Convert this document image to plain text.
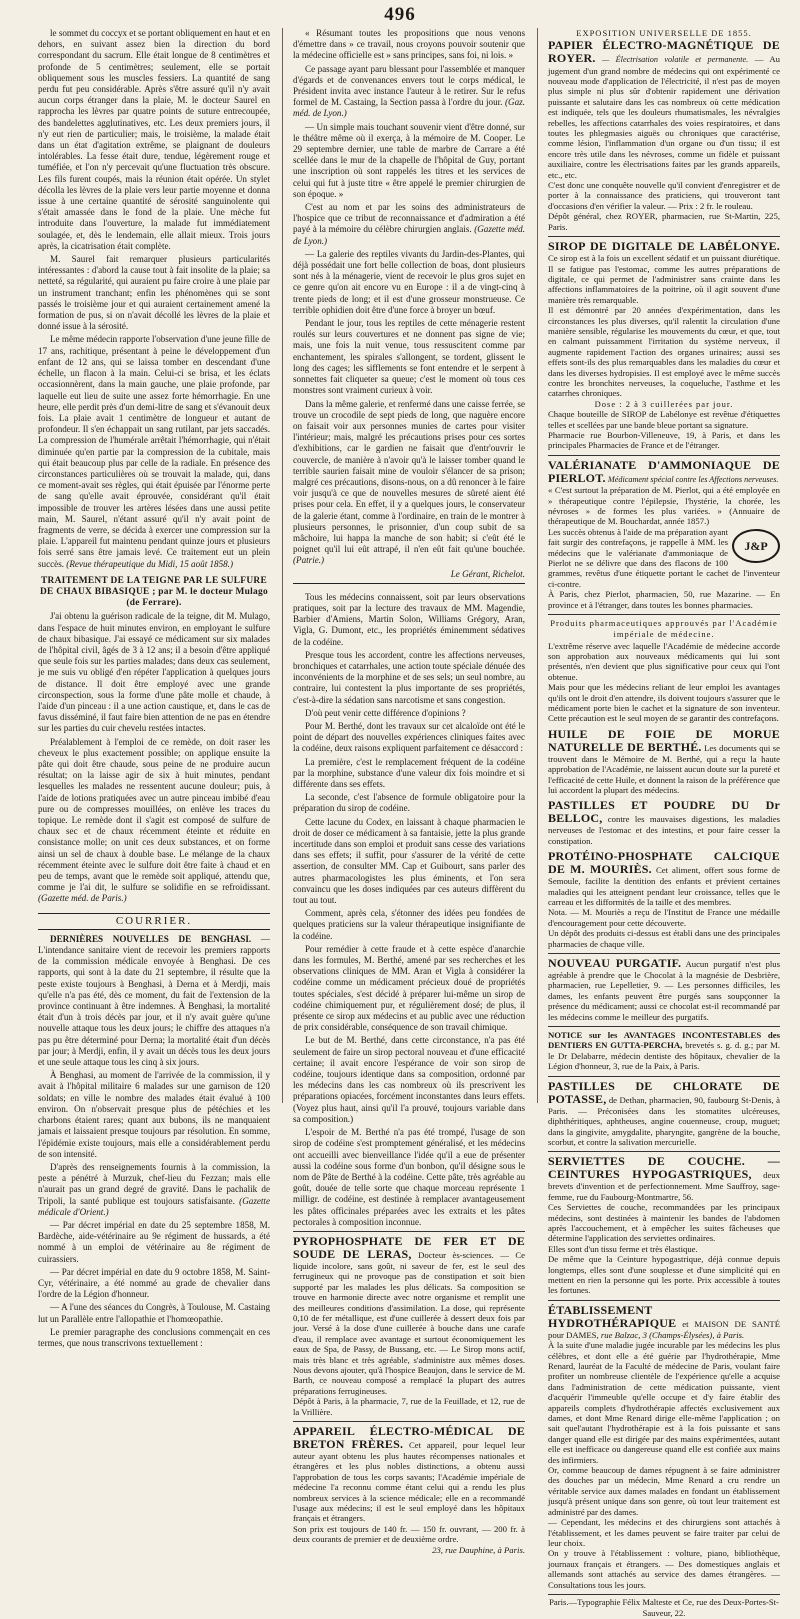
496

le sommet du coccyx et se portant obliquement en haut et en dehors, en suivant assez bien la direction du bord correspondant du sacrum. Elle était longue de 8 centimètres et profonde de 5 centimètres; seulement, elle se portait obliquement sous les muscles fessiers. La quantité de sang perdu fut peu considérable. Après s'être assuré qu'il n'y avait aucun corps étranger dans la plaie, M. le docteur Saurel en rapprocha les lèvres par quatre points de suture entrecoupée, des bandelettes agglutinatives, etc. Les deux premiers jours, il n'y eut rien de particulier; mais, le troisième, la malade était dans un état d'agitation extrême, se plaignant de douleurs intolérables. La fesse était dure, tendue, légèrement rouge et tuméfiée, et l'on n'y percevait qu'une fluctuation très obscure. Les fils furent coupés, mais la réunion était opérée. Un stylet décolla les lèvres de la plaie vers leur partie moyenne et donna issue à une certaine quantité de sérosité sanguinolente qui s'était amassée dans le fond de la plaie. Une mèche fut introduite dans l'ouverture, la malade fut immédiatement soulagée, et, dès le lendemain, elle allait mieux. Trois jours après, la cicatrisation était complète.

M. Saurel fait remarquer plusieurs particularités intéressantes : d'abord la cause tout à fait insolite de la plaie; sa netteté, sa régularité, qui auraient pu faire croire à une plaie par un instrument tranchant; enfin les phénomènes qui se sont passés le troisième jour et qui auraient certainement amené la formation de pus, si on n'avait décollé les lèvres de la plaie et donné issue à la sérosité.

Le même médecin rapporte l'observation d'une jeune fille de 17 ans, rachitique, présentant à peine le développement d'un enfant de 12 ans, qui se laissa tomber en descendant d'une échelle, un flacon à la main. Celui-ci se brisa, et les éclats occasionnèrent, dans la main gauche, une plaie profonde, par laquelle eut lieu de suite une assez forte hémorrhagie. En une heure, elle perdit près d'un demi-litre de sang et s'évanouit deux fois. La plaie avait 1 centimètre de longueur et autant de profondeur. Il s'en échappait un sang rutilant, par jets saccadés. La compression de l'humérale arrêtait l'hémorrhagie, qui n'était diminuée qu'en partie par la compression de la cubitale, mais qui était beaucoup plus par celle de la radiale. En présence des circonstances particulières où se trouvait la malade, qui, dans ce moment-avait ses règles, qui était épuisée par l'énorme perte de sang qu'elle avait éprouvée, considérant qu'il était impossible de trouver les artères lésées dans une aussi petite main, M. Saurel, n'étant assuré qu'il n'y avait point de fragments de verre, se décida à exercer une compression sur la plaie. L'appareil fut maintenu pendant quinze jours et plusieurs fois serré sans être jamais levé. Ce traitement eut un plein succès. (Revue thérapeutique du Midi, 15 août 1858.)

TRAITEMENT DE LA TEIGNE PAR LE SULFURE DE CHAUX BIBASIQUE ; par M. le docteur Mulago (de Ferrare).

J'ai obtenu la guérison radicale de la teigne, dit M. Mulago, dans l'espace de huit minutes environ, en employant le sulfure de chaux bibasique. J'ai essayé ce médicament sur six malades de l'hôpital civil, âgés de 3 à 12 ans; il a besoin d'être appliqué que seule fois sur les parties malades; dans deux cas seulement, je me suis vu obligé d'en répéter l'application à quelques jours de distance. Il doit être employé avec une grande circonspection, sous la forme d'une pâte molle et chaude, à l'aide d'un pinceau : il a une action caustique, et, dans le cas de favus disséminé, il faut faire bien attention de ne pas en étendre sur les parties du cuir chevelu restées intactes.

Préalablement à l'emploi de ce remède, on doit raser les cheveux le plus exactement possible; on applique ensuite la pâte qui doit être chaude, sous peine de ne produire aucun résultat; on la laisse agir de six à huit minutes, pendant lesquelles les malades ne ressentent aucune douleur; puis, à l'aide de lotions pratiquées avec un autre pinceau imbibé d'eau pure ou de compresses mouillées, on enlève les traces du topique. Le remède dont il s'agit est composé de sulfure de chaux sec et de chaux récemment éteinte et réduite en consistance molle; on unit ces deux substances, et on forme ainsi un sel de chaux à double base. Le mélange de la chaux récemment éteinte avec le sulfure doit être faite à chaud et en peu de temps, avant que le remède soit appliqué, attendu que, comme je l'ai dit, le sulfure se solidifie en se refroidissant. (Gazette méd. de Paris.)

COURRIER.

DERNIÈRES NOUVELLES DE BENGHASI. — L'intendance sanitaire vient de recevoir les premiers rapports de la commission médicale envoyée à Benghasi. De ces rapports, qui sont à la date du 21 septembre, il résulte que la peste existe toujours à Benghasi, à Derna et à Merdji, mais qu'elle n'a pas été, dès ce moment, du fait de l'extension de la province continuant à être indemnes. À Benghasi, la mortalité était d'un à trois décès par jour, et il n'y avait guère qu'une nouvelle attaque tous les deux jours; le chiffre des attaques n'a pas pu être déterminé pour Derna; la mortalité était d'un décès par jour; à Merdji, enfin, il y avait un décès tous les deux jours et une seule attaque tous les cinq à six jours.

À Benghasi, au moment de l'arrivée de la commission, il y avait à l'hôpital militaire 6 malades sur une garnison de 120 soldats; en ville le nombre des malades était évalué à 100 environ. On n'observait presque plus de pétéchies et les charbons étaient rares; quant aux bubons, ils ne manquaient jamais et laissaient presque toujours par résolution. En somme, l'épidémie existe toujours, mais elle a considérablement perdu de son intensité.

D'après des renseignements fournis à la commission, la peste a pénétré à Murzuk, chef-lieu du Fezzan; mais elle n'aurait pas un grand degré de gravité. Dans le pachalik de Tripoli, la santé publique est toujours satisfaisante. (Gazette médicale d'Orient.)

— Par décret impérial en date du 25 septembre 1858, M. Bardèche, aide-vétérinaire au 9e régiment de hussards, a été nommé à un emploi de vétérinaire au 8e régiment de cuirassiers.

— Par décret impérial en date du 9 octobre 1858, M. Saint-Cyr, vétérinaire, a été nommé au grade de chevalier dans l'ordre de la Légion d'honneur.

— A l'une des séances du Congrès, à Toulouse, M. Castaing lut un Parallèle entre l'allopathie et l'homœopathie.

Le premier paragraphe des conclusions commençait en ces termes, que nous transcrivons textuellement :

« Résumant toutes les propositions que nous venons d'émettre dans » ce travail, nous croyons pouvoir soutenir que la médecine officielle est » sans principes, sans foi, ni lois. »

Ce passage ayant paru blessant pour l'assemblée et manquer d'égards et de convenances envers tout le corps médical, le Président invita avec instance l'auteur à le retirer. Sur le refus formel de M. Castaing, la Section passa à l'ordre du jour. (Gaz. méd. de Lyon.)

— Un simple mais touchant souvenir vient d'être donné, sur le théâtre même où il exerça, à la mémoire de M. Cooper. Le 29 septembre dernier, une table de marbre de Carrare a été scellée dans le mur de la chapelle de l'hôpital de Guy, portant une inscription où sont rappelés les titres et les services de celui qui fut à juste titre « être appelé le premier chirurgien de son époque. »

C'est au nom et par les soins des administrateurs de l'hospice que ce tribut de reconnaissance et d'admiration a été payé à la mémoire du célèbre chirurgien anglais. (Gazette méd. de Lyon.)

— La galerie des reptiles vivants du Jardin-des-Plantes, qui déjà possédait une fort belle collection de boas, dont plusieurs sont nés à la ménagerie, vient de recevoir le plus gros sujet en ce genre qu'on ait encore vu en Europe : il a de vingt-cinq à trente pieds de long; et il est d'une grosseur monstrueuse. Ce terrible ophidien doit être d'une force à broyer un bœuf.

Pendant le jour, tous les reptiles de cette ménagerie restent roulés sur leurs couvertures et ne donnent pas signe de vie; mais, une fois la nuit venue, tous ressuscitent comme par enchantement, les spirales s'allongent, se tordent, glissent le long des cages; les sifflements se font entendre et le serpent à sonnettes fait cliqueter sa queue; c'est le moment où tous ces monstres sont vraiment curieux à voir.

Dans la même galerie, et renfermé dans une caisse ferrée, se trouve un crocodile de sept pieds de long, que naguère encore on faisait voir aux personnes munies de cartes pour visiter l'intérieur; mais, malgré les précautions prises pour ces sortes d'exhibitions, car le gardien ne faisait que d'entr'ouvrir le couvercle, de manière à n'avoir qu'à le laisser tomber quand le terrible saurien faisait mine de vouloir s'élancer de sa prison; malgré ces précautions, disons-nous, on a dû renoncer à le faire voir jusqu'à ce que de nouvelles mesures de sûreté aient été prises pour cela. En effet, il y a quelques jours, le conservateur de la galerie étant, comme à l'ordinaire, en train de le montrer à plusieurs personnes, le prisonnier, d'un coup subit de sa mâchoire, lui happa la manche de son habit; si c'eût été le poignet qu'il lui eût attrapé, il n'en eût fait qu'une bouchée. (Patrie.)

Le Gérant, Richelot.

Tous les médecins connaissent, soit par leurs observations pratiques, soit par la lecture des travaux de MM. Magendie, Barbier d'Amiens, Martin Solon, Williams Grégory, Aran, Vigla, G. Dumont, etc., les propriétés éminemment sédatives de la codéine.

Presque tous les accordent, contre les affections nerveuses, bronchiques et catarrhales, une action toute spéciale dénuée des inconvénients de la morphine et de ses sels; un seul nombre, au contraire, lui contestent la plus importante de ses propriétés, c'est-à-dire la sédation sans narcotisme et sans congestion.

D'où peut venir cette différence d'opinions ?

Pour M. Berthé, dont les travaux sur cet alcaloïde ont été le point de départ des nouvelles expériences cliniques faites avec la codéine, deux raisons expliquent parfaitement ce désaccord :

La première, c'est le remplacement fréquent de la codéine par la morphine, substance d'une valeur dix fois moindre et si différente dans ses effets.

La seconde, c'est l'absence de formule obligatoire pour la préparation du sirop de codéine.

Cette lacune du Codex, en laissant à chaque pharmacien le droit de doser ce médicament à sa fantaisie, jette la plus grande incertitude dans son emploi et produit sans cesse des variations dans ses effets; il suffit, pour s'assurer de la vérité de cette assertion, de consulter MM. Cap et Guibourt, sans parler des autres pharmacologistes les plus éminents, et l'on sera convaincu que les doses indiquées par ces auteurs diffèrent du tout au tout.

Comment, après cela, s'étonner des idées peu fondées de quelques praticiens sur la valeur thérapeutique insignifiante de la codéine.

Pour remédier à cette fraude et à cette espèce d'anarchie dans les formules, M. Berthé, amené par ses recherches et les observations cliniques de MM. Aran et Vigla à considérer la codéine comme un médicament précieux doué de propriétés toutes spéciales, s'est décidé à préparer lui-même un sirop de codéine chimiquement pur, et régulièrement dosé; de plus, il présente ce sirop aux médecins et au public avec une réduction de prix considérable, conséquence de son travail chimique.

Le but de M. Berthé, dans cette circonstance, n'a pas été seulement de faire un sirop pectoral nouveau et d'une efficacité certaine; il avait encore l'espérance de voir son sirop de codéine, toujours identique dans sa composition, ordonné par les médecins dans les cas nombreux où ils prescrivent les préparations opiacées, forcément inconstantes dans leurs effets. (Voyez plus haut, ainsi qu'il l'a prouvé, toujours variable dans sa composition.)

L'espoir de M. Berthé n'a pas été trompé, l'usage de son sirop de codéine s'est promptement généralisé, et les médecins ont accueilli avec bienveillance l'idée qu'il a eue de présenter aussi la codéine sous forme d'un bonbon, qu'il désigne sous le nom de Pâte de Berthé à la codéine. Cette pâte, très agréable au goût, douée de telle sorte que chaque morceau représente 1 milligr. de codéine, est destinée à remplacer avantageusement les pâtes officinales préparées avec les extraits et les pâtes pectorales à composition inconnue.

PYROPHOSPHATE DE FER ET DE SOUDE DE LERAS, Docteur ès-sciences. — Ce liquide incolore, sans goût, ni saveur de fer, est le seul des ferrugineux qui ne provoque pas de constipation et soit bien supporté par les malades les plus délicats. Sa composition se trouve en harmonie directe avec notre organisme et remplit une des meilleures conditions d'assimilation. La dose, qui représente 0,10 de fer métallique, est d'une cuillerée à dessert deux fois par jour. Versé à la dose d'une cuillerée à bouche dans une carafe d'eau, il remplace avec avantage et surtout économiquement les eaux de Spa, de Passy, de Bussang, etc. — Le Sirop mons actif, mais très blanc et très agréable, s'administre aux mêmes doses. Nous devons ajouter, qu'à l'hospice Beaujon, dans le service de M. Barth, ce nouveau composé a remplacé la plupart des autres préparations ferrugineuses.
Dépôt à Paris, à la pharmacie, 7, rue de la Feuillade, et 12, rue de la Vrillière.
APPAREIL ÉLECTRO-MÉDICAL DE BRETON FRÈRES. Cet appareil, pour lequel leur auteur ayant obtenu les plus hautes récompenses nationales et étrangères et les plus nobles distinctions, a obtenu aussi l'approbation de tous les corps savants; l'Académie impériale de médecine l'a reconnu comme étant celui qui a rendu les plus nombreux services à la science médicale; elle en a recommandé l'usage aux médecins; il est le seul employé dans les hôpitaux français et étrangers.
Son prix est toujours de 140 fr. — 150 fr. ouvrant, — 200 fr. à deux courants de premier et de deuxième ordre.
23, rue Dauphine, à Paris.
EXPOSITION UNIVERSELLE DE 1855.
PAPIER ÉLECTRO-MAGNÉTIQUE DE ROYER. — Électrisation volatile et permanente. — Au jugement d'un grand nombre de médecins qui ont expérimenté ce nouveau mode d'application de l'électricité, il n'est pas de moyen plus simple ni plus sûr d'obtenir rapidement une dérivation puissante et salutaire dans les cas nombreux où cette médication est indiquée, tels que les douleurs rhumatismales, les névralgies rebelles, les affections catarrhales des voies respiratoires, et dans toutes les phlegmasies aiguës ou chroniques que caractérise, comme lésion, l'inflammation d'un organe ou d'un tissu; il est encore très utile dans les névroses, comme un fidèle et puissant auxiliaire, contre les électrisations faites par les grands appareils, etc., etc.
C'est donc une conquête nouvelle qu'il convient d'enregistrer et de porter à la connaissance des praticiens, qui trouveront tant d'occasions d'en vérifier la valeur. — Prix : 2 fr. le rouleau.
Dépôt général, chez ROYER, pharmacien, rue St-Martin, 225, Paris.
SIROP DE DIGITALE DE LABÉLONYE. Ce sirop est à la fois un excellent sédatif et un puissant diurétique. Il se fatigue pas l'estomac, comme les autres préparations de digitale, ce qui permet de l'administrer sans crainte dans les affections inflammatoires de la poitrine, où il agit souvent d'une manière très remarquable.
Il est démontré par 20 années d'expérimentation, dans les circonstances les plus diverses, qu'il ralentit la circulation d'une manière sensible, régularise les mouvements du cœur, et que, tout en calmant puissamment l'irritation du système nerveux, il augmente rapidement l'action des organes urinaires; aussi ses effets sont-ils des plus remarquables dans les maladies du cœur et dans les diverses hydropisies. Il est employé avec le même succès contre les bronchites nerveuses, la coqueluche, l'asthme et les catarrhes chroniques.
Dose : 2 à 3 cuillerées par jour.
Chaque bouteille de SIROP de Labélonye est revêtue d'étiquettes telles et scellées par une bande bleue portant sa signature.
Pharmacie rue Bourbon-Villeneuve, 19, à Paris, et dans les principales Pharmacies de France et de l'étranger.
VALÉRIANATE D'AMMONIAQUE DE PIERLOT. Médicament spécial contre les Affections nerveuses.
« C'est surtout la préparation de M. Pierlot, qui a été employée en » thérapeutique contre l'épilepsie, l'hystérie, la chorée, les névroses » de formes les plus variées. » (Annuaire de thérapeutique de M. Bouchardat, année 1857.)
J&P
Les succès obtenus à l'aide de ma préparation ayant fait surgir des contrefaçons, je rappelle à MM. les médecins que le valérianate d'ammoniaque de Pierlot ne se délivre que dans des flacons de 100 grammes, revêtus d'une étiquette portant le cachet de l'inventeur ci-contre.
À Paris, chez Pierlot, pharmacien, 50, rue Mazarine. — En province et à l'étranger, dans toutes les bonnes pharmacies.
Produits pharmaceutiques approuvés par l'Académie impériale de médecine.
L'extrême réserve avec laquelle l'Académie de médecine accorde son approbation aux nouveaux médicaments qui lui sont présentés, n'en devient que plus significative pour ceux qui l'ont obtenue.
Mais pour que les médecins reliant de leur emploi les avantages qu'ils ont le droit d'en attendre, ils doivent toujours s'assurer que le médicament porte bien le cachet et la signature de son inventeur. Cette précaution est le seul moyen de se garantir des contrefaçons.
HUILE DE FOIE DE MORUE NATURELLE DE BERTHÉ. Les documents qui se trouvent dans le Mémoire de M. Berthé, qui a reçu la haute approbation de l'Académie, ne laissent aucun doute sur la pureté et l'efficacité de cette Huile, et donnent la raison de la préférence que lui accordent la plupart des médecins.
PASTILLES ET POUDRE DU Dr BELLOC, contre les mauvaises digestions, les maladies nerveuses de l'estomac et des intestins, et pour faire cesser la constipation.
PROTÉINO-PHOSPHATE CALCIQUE DE M. MOURIÈS. Cet aliment, offert sous forme de Semoule, facilite la dentition des enfants et prévient certaines maladies qui les atteignent pendant leur croissance, telles que le carreau et les difformités de la taille et des membres.
Nota. — M. Mouriès a reçu de l'Institut de France une médaille d'encouragement pour cette découverte.
Un dépôt des produits ci-dessus est établi dans une des principales pharmacies de chaque ville.
NOUVEAU PURGATIF. Aucun purgatif n'est plus agréable à prendre que le Chocolat à la magnésie de Desbrière, pharmacien, rue Lepelletier, 9. — Les personnes difficiles, les dames, les enfants peuvent être purgés sans soupçonner la présence du médicament; aussi ce chocolat est-il recommandé par les médecins comme le meilleur des purgatifs.
NOTICE sur les AVANTAGES INCONTESTABLES des DENTIERS EN GUTTA-PERCHA, brevetés s. g. d. g.; par M. le Dr Delabarre, médecin dentiste des hôpitaux, chevalier de la Légion d'honneur, 3, rue de la Paix, à Paris.
PASTILLES DE CHLORATE DE POTASSE, de Dethan, pharmacien, 90, faubourg St-Denis, à Paris. — Préconisées dans les stomatites ulcéreuses, diphthéritiques, aphtheuses, angine couenneuse, croup, muguet; dans la gingivite, amygdalite, pharyngite, gangrène de la bouche, scorbut, et contre la salivation mercurielle.
SERVIETTES DE COUCHE. — CEINTURES HYPOGASTRIQUES, deux brevets d'invention et de perfectionnement. Mme Sauffroy, sage-femme, rue du Faubourg-Montmartre, 56.
Ces Serviettes de couche, recommandées par les principaux médecins, sont destinées à maintenir les bandes de l'abdomen après l'accouchement, et à empêcher les suites fâcheuses que détermine l'application des serviettes ordinaires.
Elles sont d'un tissu ferme et très élastique.
De même que la Ceinture hypogastrique, déjà connue depuis longtemps, elles sont d'une souplesse et d'une simplicité qui en mettent en rien la personne qui les porte. Prix accessible à toutes les fortunes.
ÉTABLISSEMENT HYDROTHÉRAPIQUE et MAISON DE SANTÉ pour DAMES, rue Balzac, 3 (Champs-Élysées), à Paris.
À la suite d'une maladie jugée incurable par les médecins les plus célèbres, et dont elle a été guérie par l'hydrothérapie, Mme Renard, lauréat de la Faculté de médecine de Paris, voulant faire profiter un nombreuse clientèle de l'expérience qu'elle a acquise dans l'administration de cette médication puissante, vient d'acquérir l'immeuble qu'elle occupe et d'y faire établir des appareils complets d'hydrothérapie affectés exclusivement aux dames, et dont Mme Renard dirige elle-même l'application ; on sait quel'autant l'hydrothérapie est à la fois puissante et sans danger quand elle est dirigée par des mains expérimentées, autant elle est inefficace ou dangereuse quand elle est confiée aux mains des infirmiers.
Or, comme beaucoup de dames répugnent à se faire administrer des douches par un médecin, Mme Renard a cru rendre un véritable service aux dames malades en fondant un établissement jusqu'à présent unique dans son genre, où tout leur traitement est administré par des dames.
— Cependant, les médecins et des chirurgiens sont attachés à l'établissement, et les dames peuvent se faire traiter par celui de leur choix.
On y trouve à l'établissement : volture, piano, bibliothèque, journaux français et étrangers. — Des domestiques anglais et allemands sont attachés au service des dames étrangères. — Consultations tous les jours.
Paris.—Typographie Félix Malteste et Ce, rue des Deux-Portes-St-Sauveur, 22.
